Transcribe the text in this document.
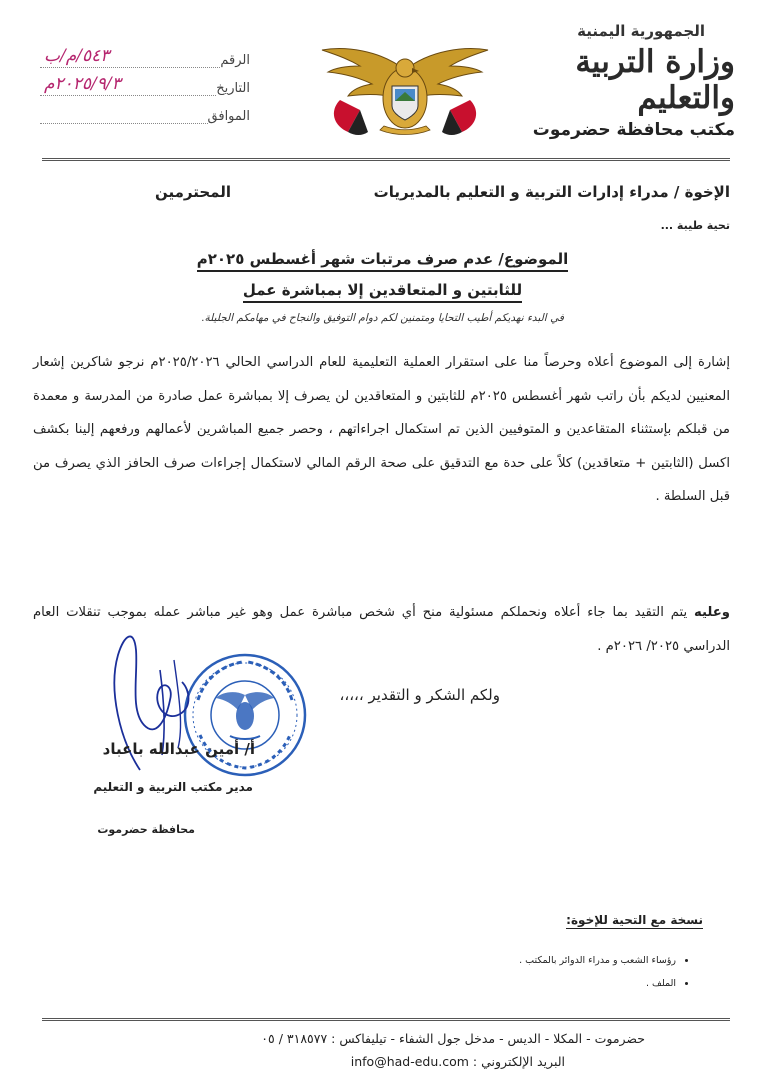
الجمهورية اليمنية
وزارة التربية والتعليم
مكتب محافظة حضرموت
الرقم
٥٤٣/م/ب
التاريخ
٢٠٢٥/٩/٣م
الموافق
الإخوة / مدراء إدارات التربية و التعليم بالمديريات
المحترمين
تحية طيبة ...
الموضوع/ عدم صرف مرتبات شهر أغسطس ٢٠٢٥م
للثابتين و المتعاقدين إلا بمباشرة عمل
في البدء نهديكم أطيب التحايا ومتمنين لكم دوام التوفيق والنجاح في مهامكم الجليلة.
إشارة إلى الموضوع أعلاه وحرصاً منا على استقرار العملية التعليمية للعام الدراسي الحالي ٢٠٢٥/٢٠٢٦م نرجو شاكرين إشعار المعنيين لديكم بأن راتب شهر أغسطس ٢٠٢٥م للثابتين و المتعاقدين لن يصرف إلا بمباشرة عمل صادرة من المدرسة و معمدة من قبلكم بإستثناء المتقاعدين و المتوفيين الذين تم استكمال اجراءاتهم ، وحصر جميع المباشرين لأعمالهم ورفعهم إلينا بكشف اكسل (الثابتين + متعاقدين) كلاً على حدة مع التدقيق على صحة الرقم المالي لاستكمال إجراءات صرف الحافز الذي يصرف من قبل السلطة .
وعليه يتم التقيد بما جاء أعلاه ونحملكم مسئولية منح أي شخص مباشرة عمل وهو غير مباشر عمله بموجب تنقلات العام الدراسي ٢٠٢٥/ ٢٠٢٦م .
ولكم الشكر و التقدير ،،،،،
أ/ أمين عبدالله باعباد
مدير مكتب التربية و التعليم
محافظة حضرموت
نسخة مع التحية للإخوة:
• رؤساء الشعب و مدراء الدوائر بالمكتب .
• الملف .
حضرموت - المكلا - الديس - مدخل جول الشفاء - تيليفاكس : ٣١٨٥٧٧ / ٠٥
البريد الإلكتروني : info@had-edu.com
